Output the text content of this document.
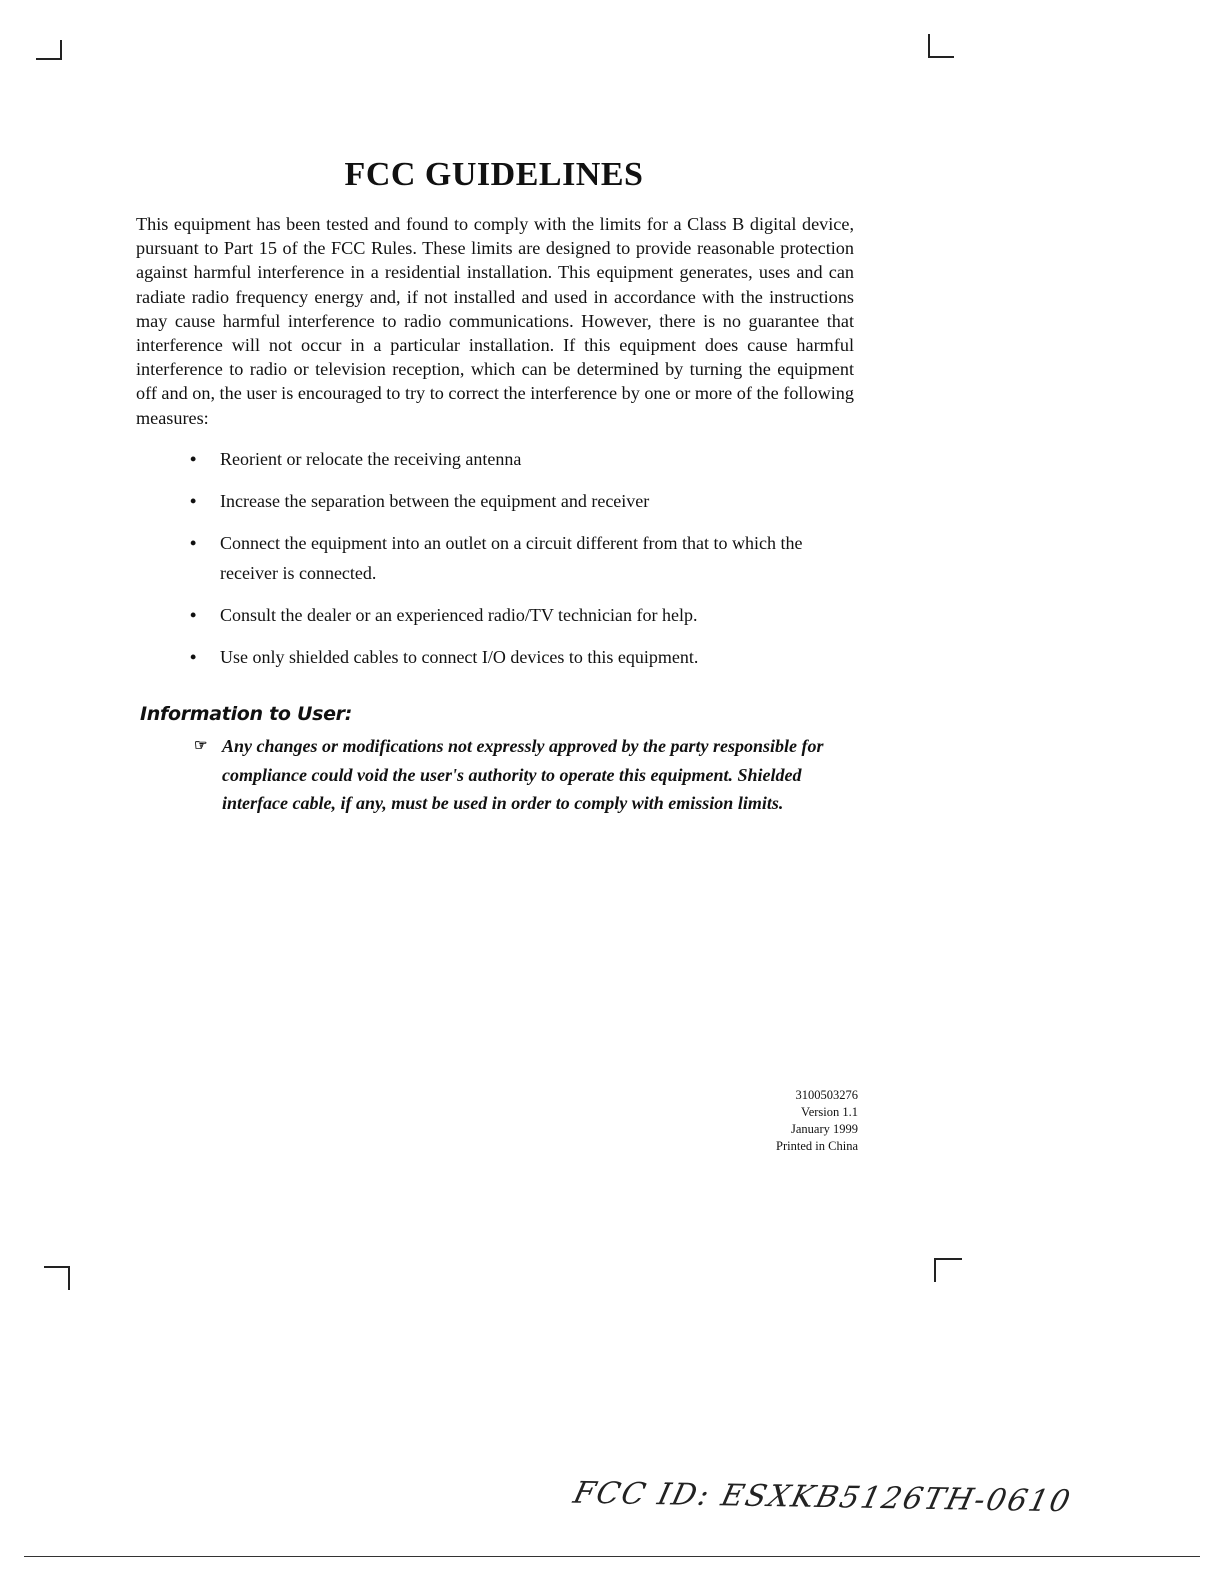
FCC GUIDELINES

This equipment has been tested and found to comply with the limits for a Class B digital device, pursuant to Part 15 of the FCC Rules. These limits are designed to provide reasonable protection against harmful interference in a residential installation. This equipment generates, uses and can radiate radio frequency energy and, if not installed and used in accordance with the instructions may cause harmful interference to radio communications. However, there is no guarantee that interference will not occur in a particular installation. If this equipment does cause harmful interference to radio or television reception, which can be determined by turning the equipment off and on, the user is encouraged to try to correct the interference by one or more of the following measures:

• Reorient or relocate the receiving antenna
• Increase the separation between the equipment and receiver
• Connect the equipment into an outlet on a circuit different from that to which the receiver is connected.
• Consult the dealer or an experienced radio/TV technician for help.
• Use only shielded cables to connect I/O devices to this equipment.
Information to User:
☞ Any changes or modifications not expressly approved by the party responsible for compliance could void the user's authority to operate this equipment. Shielded interface cable, if any, must be used in order to comply with emission limits.

3100503276
Version 1.1
January 1999
Printed in China
FCC ID: ESXKB5126TH-0610
